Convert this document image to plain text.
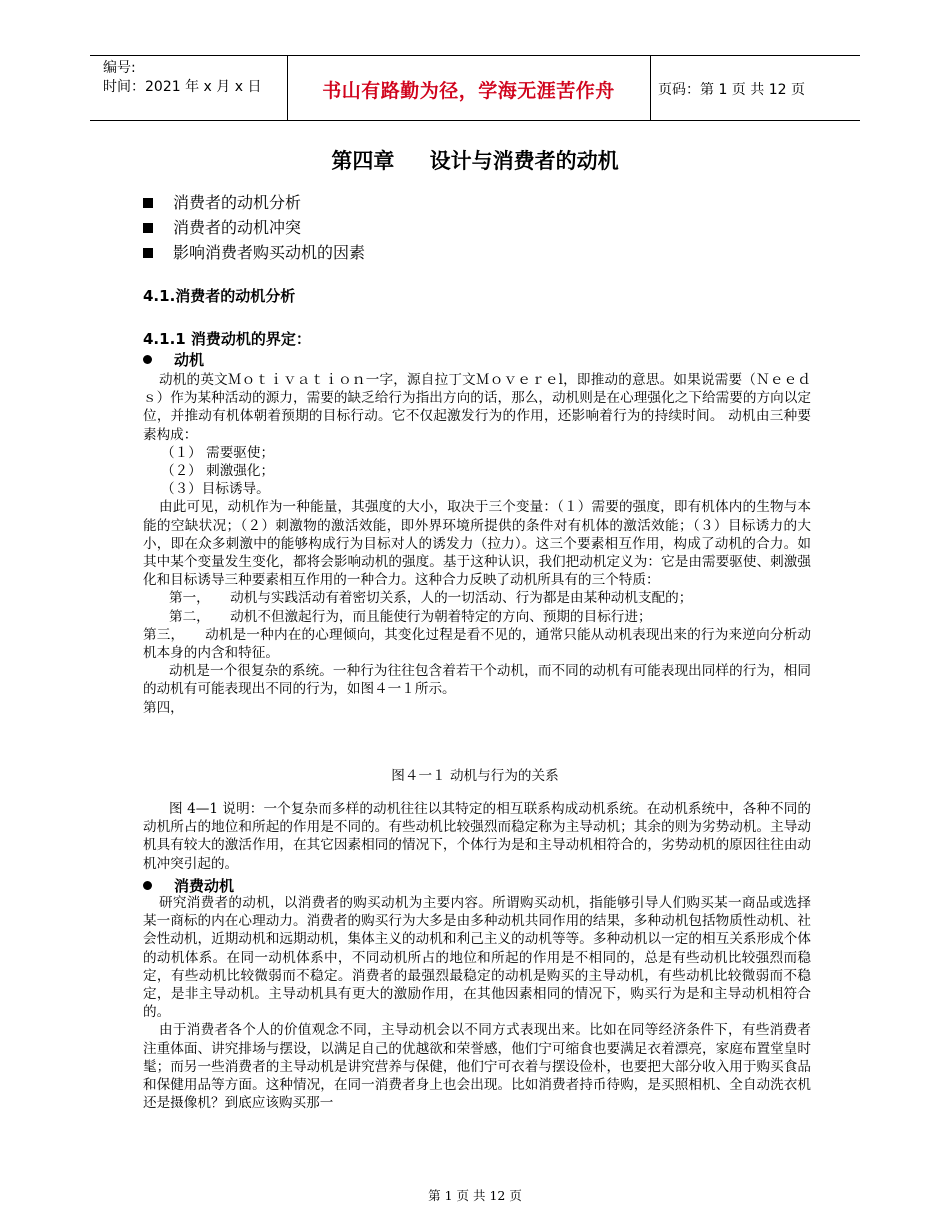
编号:
时间：2021 年 x 月 x 日	书山有路勤为径，学海无涯苦作舟	页码：第 1 页 共 12 页
第四章 设计与消费者的动机
消费者的动机分析
消费者的动机冲突
影响消费者购买动机的因素
4.1.消费者的动机分析
4.1.1 消费动机的界定：
动机

动机的英文Ｍｏｔｉｖａｔｉｏｎ一字，源自拉丁文Ｍｏｖｅｒｅl，即推动的意思。如果说需要（Ｎｅｅｄｓ）作为某种活动的源力，需要的缺乏给行为指出方向的话，那么，动机则是在心理强化之下给需要的方向以定位，并推动有机体朝着预期的目标行动。它不仅起激发行为的作用，还影响着行为的持续时间。 动机由三种要素构成：

（１） 需要驱使；

（２） 刺激强化；

（３）目标诱导。

由此可见，动机作为一种能量，其强度的大小，取决于三个变量：（１）需要的强度，即有机体内的生物与本能的空缺状况；（２）刺激物的激活效能，即外界环境所提供的条件对有机体的激活效能；（３）目标诱力的大小，即在众多刺激中的能够构成行为目标对人的诱发力（拉力）。这三个要素相互作用，构成了动机的合力。如其中某个变量发生变化，都将会影响动机的强度。基于这种认识，我们把动机定义为：它是由需要驱使、刺激强化和目标诱导三种要素相互作用的一种合力。这种合力反映了动机所具有的三个特质：

第一，　　动机与实践活动有着密切关系，人的一切活动、行为都是由某种动机支配的；

第二，　　动机不但激起行为，而且能使行为朝着特定的方向、预期的目标行进；

第三，　　动机是一种内在的心理倾向，其变化过程是看不见的，通常只能从动机表现出来的行为来逆向分析动机本身的内含和特征。

动机是一个很复杂的系统。一种行为往往包含着若干个动机，而不同的动机有可能表现出同样的行为，相同的动机有可能表现出不同的行为，如图４一１所示。

第四，

图４一１ 动机与行为的关系

图 4—1 说明：一个复杂而多样的动机往往以其特定的相互联系构成动机系统。在动机系统中，各种不同的动机所占的地位和所起的作用是不同的。有些动机比较强烈而稳定称为主导动机；其余的则为劣势动机。主导动机具有较大的激活作用，在其它因素相同的情况下，个体行为是和主导动机相符合的，劣势动机的原因往往由动机冲突引起的。

消费动机

研究消费者的动机，以消费者的购买动机为主要内容。所谓购买动机，指能够引导人们购买某一商品或选择某一商标的内在心理动力。消费者的购买行为大多是由多种动机共同作用的结果，多种动机包括物质性动机、社会性动机，近期动机和远期动机，集体主义的动机和利己主义的动机等等。多种动机以一定的相互关系形成个体的动机体系。在同一动机体系中，不同动机所占的地位和所起的作用是不相同的，总是有些动机比较强烈而稳定，有些动机比较微弱而不稳定。消费者的最强烈最稳定的动机是购买的主导动机，有些动机比较微弱而不稳定，是非主导动机。主导动机具有更大的激励作用，在其他因素相同的情况下，购买行为是和主导动机相符合的。

由于消费者各个人的价值观念不同，主导动机会以不同方式表现出来。比如在同等经济条件下，有些消费者注重体面、讲究排场与摆设，以满足自己的优越欲和荣誉感，他们宁可缩食也要满足衣着漂亮，家庭布置堂皇时髦；而另一些消费者的主导动机是讲究营养与保健，他们宁可衣着与摆设俭朴，也要把大部分收入用于购买食品和保健用品等方面。这种情况，在同一消费者身上也会出现。比如消费者持币待购，是买照相机、全自动洗衣机还是摄像机？到底应该购买那一

第 1 页 共 12 页
